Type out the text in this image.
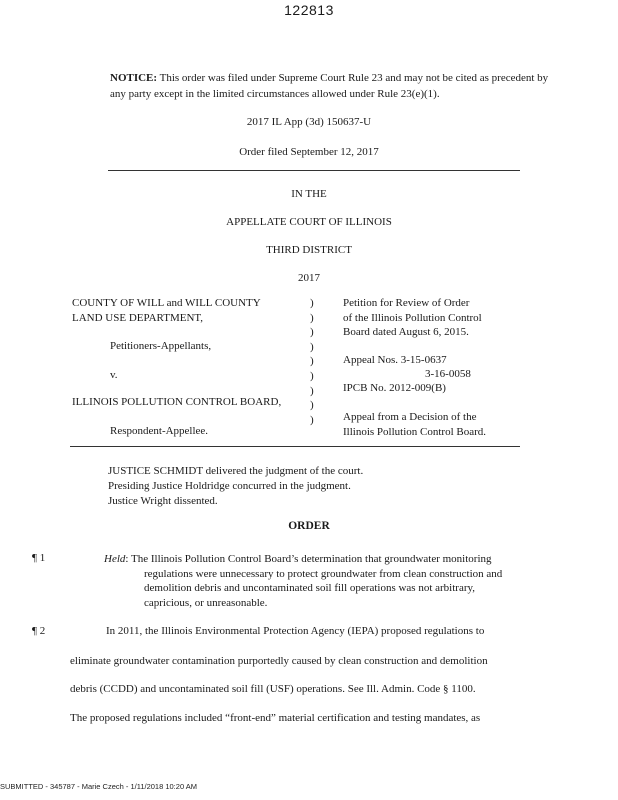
122813
NOTICE: This order was filed under Supreme Court Rule 23 and may not be cited as precedent by any party except in the limited circumstances allowed under Rule 23(e)(1).
2017 IL App (3d) 150637-U
Order filed September 12, 2017
IN THE
APPELLATE COURT OF ILLINOIS
THIRD DISTRICT
2017
COUNTY OF WILL and WILL COUNTY
LAND USE DEPARTMENT,
Petitioners-Appellants,
v.
ILLINOIS POLLUTION CONTROL BOARD,
Respondent-Appellee.
)
)
)
)
)
)
)
)
)
Petition for Review of Order
of the Illinois Pollution Control
Board dated August 6, 2015.
Appeal Nos. 3-15-0637
3-16-0058
IPCB No. 2012-009(B)
Appeal from a Decision of the
Illinois Pollution Control Board.
JUSTICE SCHMIDT delivered the judgment of the court.
Presiding Justice Holdridge concurred in the judgment.
Justice Wright dissented.
ORDER
¶ 1	Held: The Illinois Pollution Control Board’s determination that groundwater monitoring
regulations were unnecessary to protect groundwater from clean construction and
demolition debris and uncontaminated soil fill operations was not arbitrary,
capricious, or unreasonable.
¶ 2	In 2011, the Illinois Environmental Protection Agency (IEPA) proposed regulations to
eliminate groundwater contamination purportedly caused by clean construction and demolition
debris (CCDD) and uncontaminated soil fill (USF) operations. See Ill. Admin. Code § 1100.
The proposed regulations included “front-end” material certification and testing mandates, as
SUBMITTED - 345787 - Marie Czech - 1/11/2018 10:20 AM
